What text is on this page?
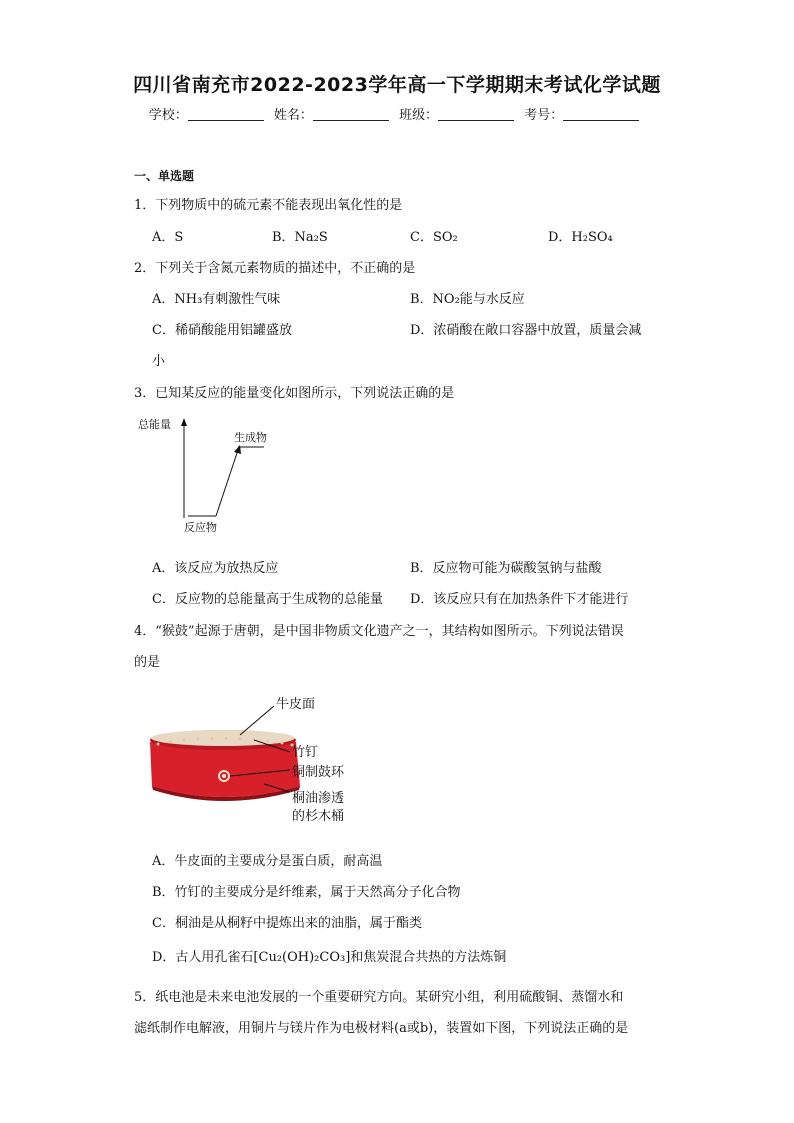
四川省南充市2022-2023学年高一下学期期末考试化学试题
学校：	姓名：	班级：	考号：
一、单选题
1．下列物质中的硫元素不能表现出氧化性的是
A．S	B．Na₂S	C．SO₂	D．H₂SO₄
2．下列关于含氮元素物质的描述中，不正确的是
A．NH₃有刺激性气味	B．NO₂能与水反应
C．稀硝酸能用铝罐盛放	D．浓硝酸在敞口容器中放置，质量会减
小
3．已知某反应的能量变化如图所示，下列说法正确的是
总能量
生成物
反应物
A．该反应为放热反应	B．反应物可能为碳酸氢钠与盐酸
C．反应物的总能量高于生成物的总能量 D．该反应只有在加热条件下才能进行
4．“猴鼓”起源于唐朝，是中国非物质文化遗产之一，其结构如图所示。下列说法错误
的是
牛皮面
竹钉
铜制鼓环
桐油渗透
的杉木桶
A．牛皮面的主要成分是蛋白质，耐高温
B．竹钉的主要成分是纤维素，属于天然高分子化合物
C．桐油是从桐籽中提炼出来的油脂，属于酯类
D．古人用孔雀石[Cu₂(OH)₂CO₃]和焦炭混合共热的方法炼铜
5．纸电池是未来电池发展的一个重要研究方向。某研究小组，利用硫酸铜、蒸馏水和
滤纸制作电解液，用铜片与镁片作为电极材料(a或b)，装置如下图，下列说法正确的是
